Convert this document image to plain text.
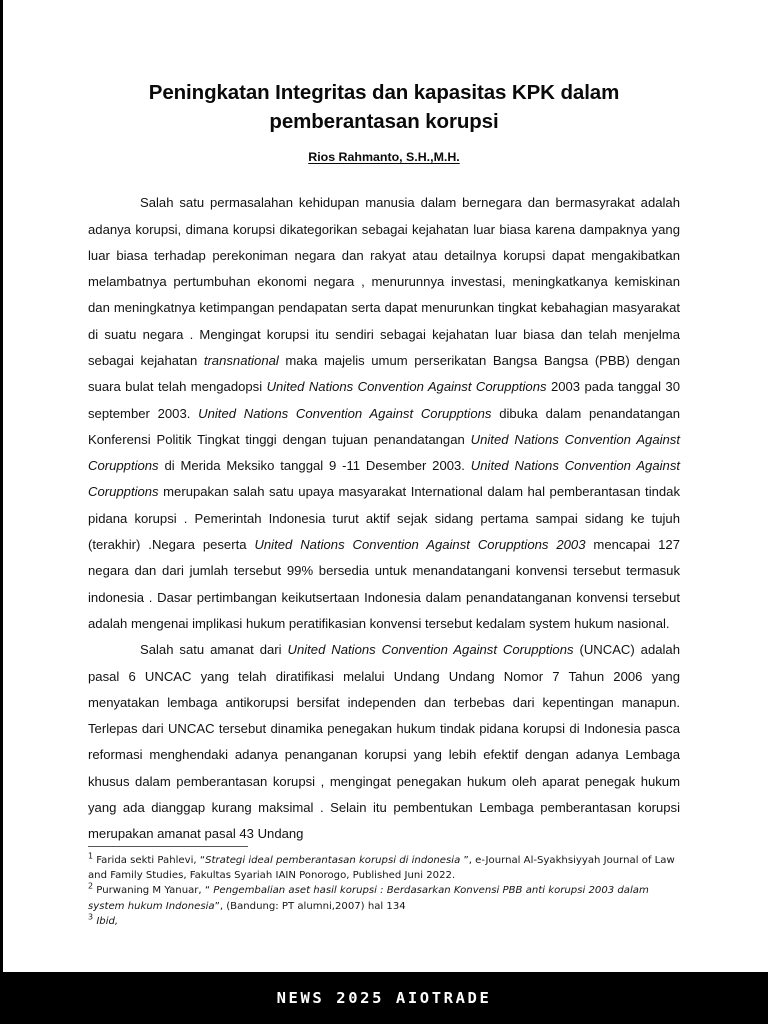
Peningkatan Integritas dan kapasitas KPK dalam pemberantasan korupsi
Rios Rahmanto, S.H.,M.H.

Salah satu permasalahan kehidupan manusia dalam bernegara dan bermasyrakat adalah adanya korupsi, dimana korupsi dikategorikan sebagai kejahatan luar biasa karena dampaknya yang luar biasa terhadap perekoniman negara dan rakyat atau detailnya korupsi dapat mengakibatkan melambatnya pertumbuhan ekonomi negara , menurunnya investasi, meningkatkanya kemiskinan dan meningkatnya ketimpangan pendapatan serta dapat menurunkan tingkat kebahagian masyarakat di suatu negara . Mengingat korupsi itu sendiri sebagai kejahatan luar biasa dan telah menjelma sebagai kejahatan transnational maka majelis umum perserikatan Bangsa Bangsa (PBB) dengan suara bulat telah mengadopsi United Nations Convention Against Corupptions 2003 pada tanggal 30 september 2003. United Nations Convention Against Corupptions dibuka dalam penandatangan Konferensi Politik Tingkat tinggi dengan tujuan penandatangan United Nations Convention Against Corupptions di Merida Meksiko tanggal 9 -11 Desember 2003. United Nations Convention Against Corupptions merupakan salah satu upaya masyarakat International dalam hal pemberantasan tindak pidana korupsi . Pemerintah Indonesia turut aktif sejak sidang pertama sampai sidang ke tujuh (terakhir) .Negara peserta United Nations Convention Against Corupptions 2003 mencapai 127 negara dan dari jumlah tersebut 99% bersedia untuk menandatangani konvensi tersebut termasuk indonesia . Dasar pertimbangan keikutsertaan Indonesia dalam penandatanganan konvensi tersebut adalah mengenai implikasi hukum peratifikasian konvensi tersebut kedalam system hukum nasional.

Salah satu amanat dari United Nations Convention Against Corupptions (UNCAC) adalah pasal 6 UNCAC yang telah diratifikasi melalui Undang Undang Nomor 7 Tahun 2006 yang menyatakan lembaga antikorupsi bersifat independen dan terbebas dari kepentingan manapun. Terlepas dari UNCAC tersebut dinamika penegakan hukum tindak pidana korupsi di Indonesia pasca reformasi menghendaki adanya penanganan korupsi yang lebih efektif dengan adanya Lembaga khusus dalam pemberantasan korupsi , mengingat penegakan hukum oleh aparat penegak hukum yang ada dianggap kurang maksimal . Selain itu pembentukan Lembaga pemberantasan korupsi merupakan amanat pasal 43 Undang

$^1$ Farida sekti Pahlevi, “Strategi ideal pemberantasan korupsi di indonesia ”, e-Journal Al-Syakhsiyyah Journal of Law and Family Studies, Fakultas Syariah IAIN Ponorogo, Published Juni 2022.

$^2$ Purwaning M Yanuar, “ Pengembalian aset hasil korupsi : Berdasarkan Konvensi PBB anti korupsi 2003 dalam system hukum Indonesia”, (Bandung: PT alumni,2007) hal 134

$^3$ Ibid,

NEWS 2025 AIOTRADE
